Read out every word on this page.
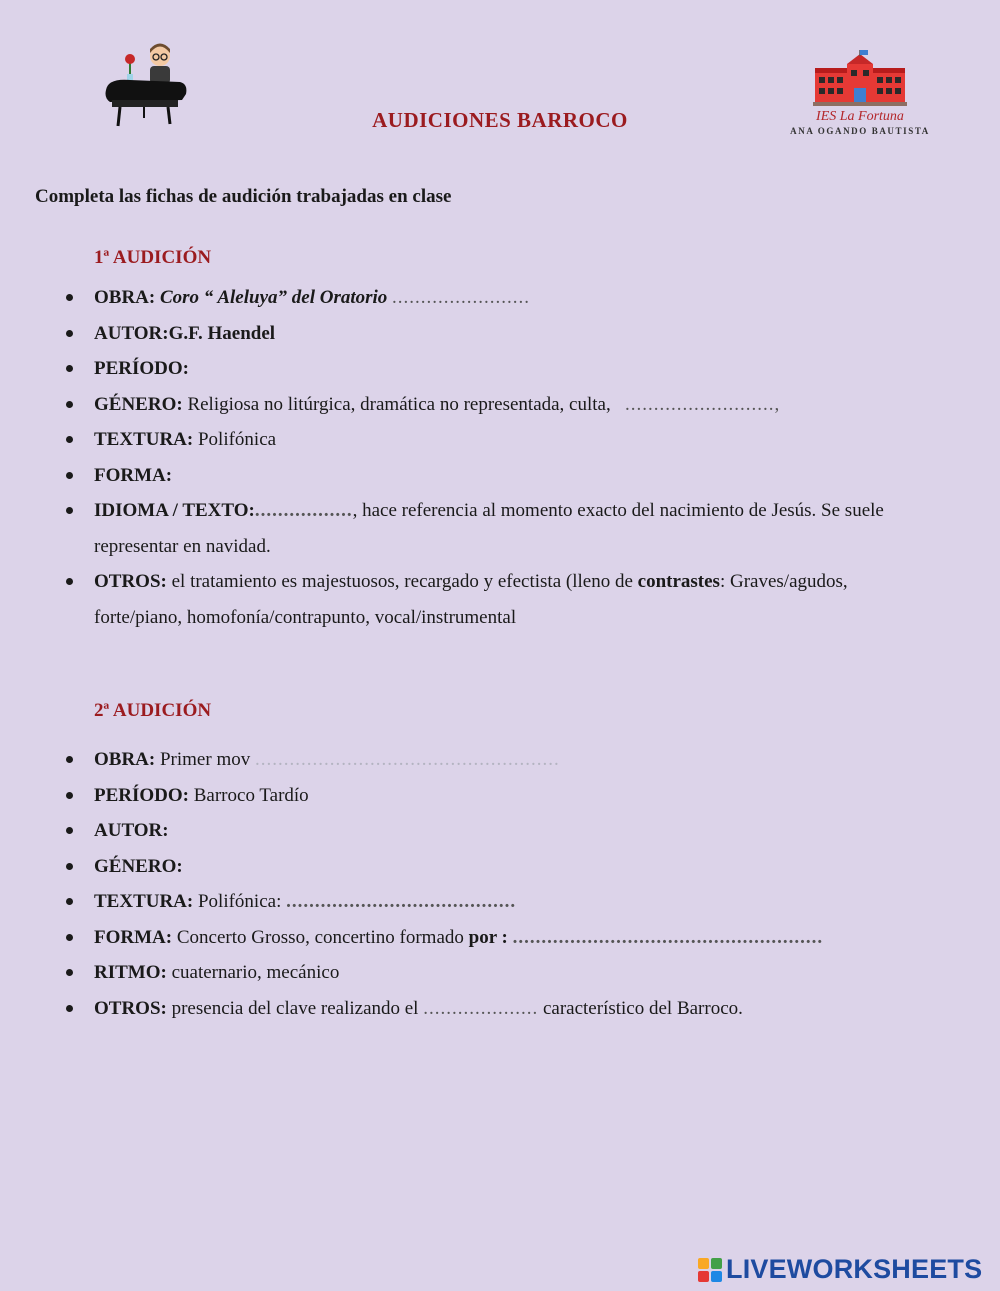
AUDICIONES BARROCO	IES La Fortuna
ANA OGANDO BAUTISTA
Completa las fichas de audición trabajadas en clase
1ª AUDICIÓN
OBRA: Coro “ Aleluya” del Oratorio ........................
AUTOR:G.F. Haendel
PERÍODO:
GÉNERO: Religiosa no litúrgica, dramática no representada, culta, ..........................,
TEXTURA: Polifónica
FORMA:
IDIOMA / TEXTO:................., hace referencia al momento exacto del nacimiento de Jesús. Se suele representar en navidad.
OTROS: el tratamiento es majestuosos, recargado y efectista (lleno de contrastes: Graves/agudos, forte/piano, homofonía/contrapunto, vocal/instrumental
2ª AUDICIÓN
OBRA: Primer mov .....................................................
PERÍODO: Barroco Tardío
AUTOR:
GÉNERO:
TEXTURA: Polifónica: ........................................
FORMA: Concerto Grosso, concertino formado por : ......................................................
RITMO: cuaternario, mecánico
OTROS: presencia del clave realizando el .................... característico del Barroco.
LIVEWORKSHEETS
